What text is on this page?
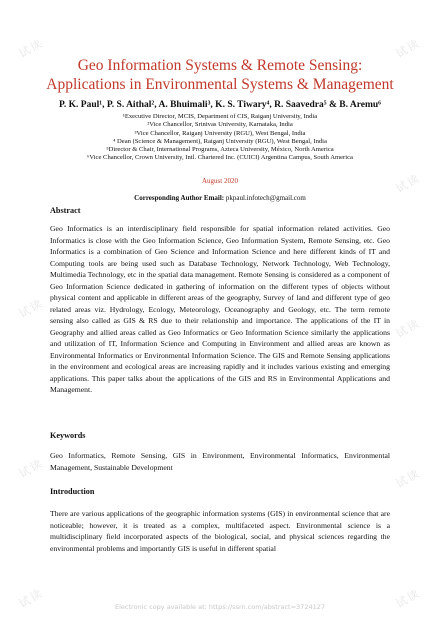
试读	试读
试读
试读
试读
试读	试读
试读	试读
Geo Information Systems & Remote Sensing: Applications in Environmental Systems & Management
P. K. Paul¹, P. S. Aithal², A. Bhuimali³, K. S. Tiwary⁴, R. Saavedra⁵ & B. Aremu⁶
¹Executive Director, MCIS, Department of CIS, Raiganj University, India
²Vice Chancellor, Srinivas University, Karnataka, India
³Vice Chancellor, Raiganj University (RGU), West Bengal, India
⁴ Dean (Science & Management), Raiganj University (RGU), West Bengal, India
⁵Director & Chair, International Programs, Azteca University, México, North America
⁶Vice Chancellor, Crown University, Intl. Chartered Inc. (CUICI) Argentina Campus, South America
August 2020
Corresponding Author Email: pkpaul.infotech@gmail.com
Abstract
Geo Informatics is an interdisciplinary field responsible for spatial information related activities. Geo Informatics is close with the Geo Information Science, Geo Information System, Remote Sensing, etc. Geo Informatics is a combination of Geo Science and Information Science and here different kinds of IT and Computing tools are being used such as Database Technology, Network Technology, Web Technology, Multimedia Technology, etc in the spatial data management. Remote Sensing is considered as a component of Geo Information Science dedicated in gathering of information on the different types of objects without physical content and applicable in different areas of the geography, Survey of land and different type of geo related areas viz. Hydrology, Ecology, Meteorology, Oceanography and Geology, etc. The term remote sensing also called as GIS & RS due to their relationship and importance. The applications of the IT in Geography and allied areas called as Geo Informatics or Geo Information Science similarly the applications and utilization of IT, Information Science and Computing in Environment and allied areas are known as Environmental Informatics or Environmental Information Science. The GIS and Remote Sensing applications in the environment and ecological areas are increasing rapidly and it includes various existing and emerging applications. This paper talks about the applications of the GIS and RS in Environmental Applications and Management.
Keywords
Geo Informatics, Remote Sensing, GIS in Environment, Environmental Informatics, Environmental Management, Sustainable Development
Introduction
There are various applications of the geographic information systems (GIS) in environmental science that are noticeable; however, it is treated as a complex, multifaceted aspect. Environmental science is a multidisciplinary field incorporated aspects of the biological, social, and physical sciences regarding the environmental problems and importantly GIS is useful in different spatial
Electronic copy available at: https://ssrn.com/abstract=3724127
